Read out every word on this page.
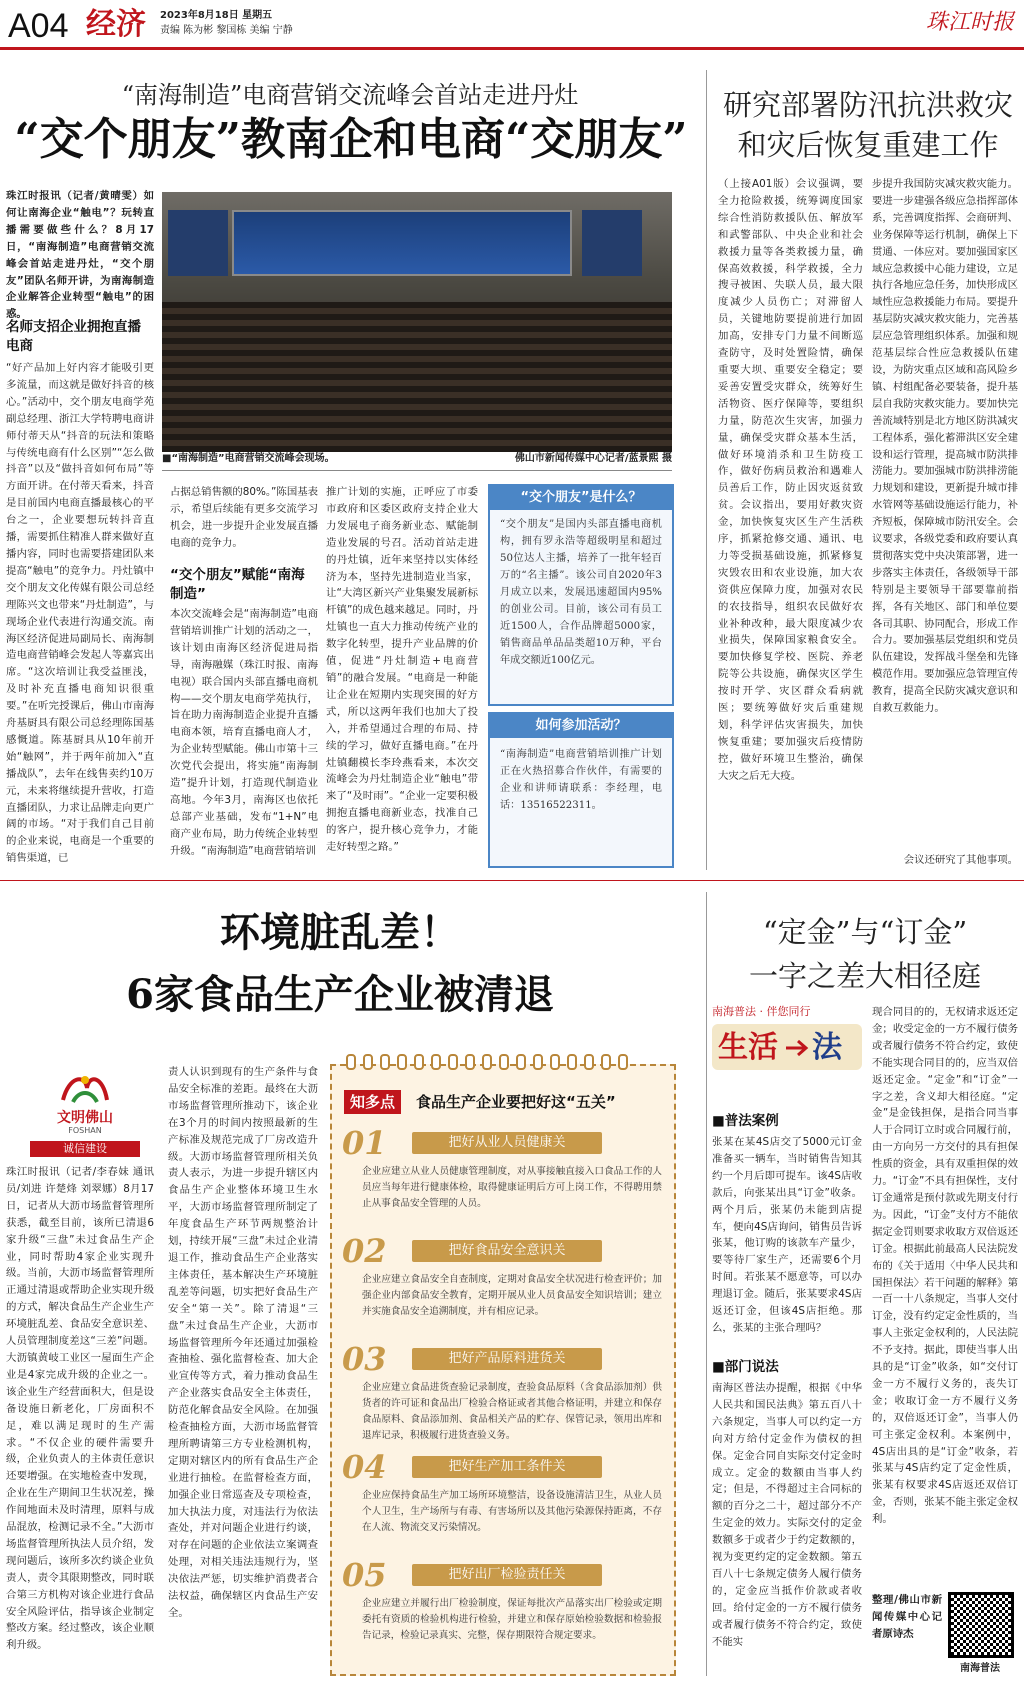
A04 经济 2023年8月18日 星期五
责编 陈为彬 黎国栋 美编 宁静	珠江时报
“南海制造”电商营销交流峰会首站走进丹灶
“交个朋友”教南企和电商“交朋友”
珠江时报讯（记者/黄晴雯）如何让南海企业“触电”？玩转直播需要做些什么？8月17日，“南海制造”电商营销交流峰会首站走进丹灶，“交个朋友”团队名师开讲，为南海制造企业解答企业转型“触电”的困惑。
名师支招企业拥抱直播电商
“好产品加上好内容才能吸引更多流量，而这就是做好抖音的核心。”活动中，交个朋友电商学苑副总经理、浙江大学特聘电商讲师付蒂天从“抖音的玩法和策略与传统电商有什么区别”“怎么做抖音”以及“做抖音如何布局”等方面开讲。在付蒂天看来，抖音是目前国内电商直播最核心的平台之一，企业要想玩转抖音直播，需要抓住精准人群来做好直播内容，同时也需要搭建团队来提高“触电”的竞争力。丹灶镇中交个朋友文化传媒有限公司总经理陈兴文也带来“丹灶制造”，与现场企业代表进行沟通交流。南海区经济促进局副局长、南海制造电商营销峰会发起人等嘉宾出席。“这次培训让我受益匪浅，及时补充直播电商知识很重要。”在听完授课后，佛山市南海舟基厨具有限公司总经理陈国基感慨道。陈基厨具从10年前开始“触网”，并于两年前加入“直播战队”，去年在线售卖约10万元，未来将继续提升营收，打造直播团队，力求让品牌走向更广阔的市场。“对于我们自己目前的企业来说，电商是一个重要的销售渠道，已
■“南海制造”电商营销交流峰会现场。	佛山市新闻传媒中心记者/蓝景熙 摄
占据总销售额的80%。”陈国基表示，希望后续能有更多交流学习机会，进一步提升企业发展直播电商的竞争力。
“交个朋友”赋能“南海制造”
本次交流峰会是“南海制造”电商营销培训推广计划的活动之一，该计划由南海区经济促进局指导，南海融媒（珠江时报、南海电视）联合国内头部直播电商机构——交个朋友电商学苑执行，旨在助力南海制造企业提升直播电商本领，培育直播电商人才，为企业转型赋能。佛山市第十三次党代会提出，将实施“南海制造”提升计划，打造现代制造业高地。今年3月，南海区也依托总部产业基础，发布“1+N”电商产业布局，助力传统企业转型升级。“南海制造”电商营销培训
推广计划的实施，正呼应了市委市政府和区委区政府支持企业大力发展电子商务新业态、赋能制造业发展的号召。活动首站走进的丹灶镇，近年来坚持以实体经济为本，坚持先进制造业当家，让“大湾区新兴产业集聚发展新标杆镇”的成色越来越足。同时，丹灶镇也一直大力推动传统产业的数字化转型，提升产业品牌的价值，促进“丹灶制造+电商营销”的融合发展。“电商是一种能让企业在短期内实现突围的好方式，所以这两年我们也加大了投入，并希望通过合理的布局、持续的学习，做好直播电商。”在丹灶镇翻模长李玲燕看来，本次交流峰会为丹灶制造企业“触电”带来了“及时雨”。“企业一定要积极拥抱直播电商新业态，找准自己的客户，提升核心竞争力，才能走好转型之路。”
“交个朋友”是什么？
“交个朋友”是国内头部直播电商机构，拥有罗永浩等超级明星和超过50位达人主播，培养了一批年轻百万的“名主播”。该公司自2020年3月成立以来，发展迅速超国内95%的创业公司。目前，该公司有员工近1500人，合作品牌超5000家，销售商品单品品类超10万种，平台年成交额近100亿元。
如何参加活动？
“南海制造”电商营销培训推广计划正在火热招募合作伙伴，有需要的企业和讲师请联系：李经理，电话：13516522311。
研究部署防汛抗洪救灾和灾后恢复重建工作
（上接A01版）会议强调，要全力抢险救援，统筹调度国家综合性消防救援队伍、解放军和武警部队、中央企业和社会救援力量等各类救援力量，确保高效救援，科学救援，全力搜寻被困、失联人员，最大限度减少人员伤亡；对滞留人员，关键地防要提前进行加固加高，安排专门力量不间断巡查防守，及时处置险情，确保重要大坝、重要安全稳定；要妥善安置受灾群众，统筹好生活物资、医疗保障等，要组织力量，防范次生灾害，加强力量，确保受灾群众基本生活，做好环境消杀和卫生防疫工作，做好伤病员救治和遇难人员善后工作，防止因灾返贫致贫。会议指出，要用好救灾资金，加快恢复灾区生产生活秩序，抓紧抢修交通、通讯、电力等受损基础设施，抓紧修复灾毁农田和农业设施，加大农资供应保障力度，加强对农民的农技指导，组织农民做好农业补种改种，最大限度减少农业损失，保障国家粮食安全。要加快修复学校、医院、养老院等公共设施，确保灾区学生按时开学、灾区群众看病就医；要统筹做好灾后重建规划，科学评估灾害损失，加快恢复重建；要加强灾后疫情防控，做好环境卫生整治，确保大灾之后无大疫。
步提升我国防灾减灾救灾能力。要进一步建强各级应急指挥部体系，完善调度指挥、会商研判、业务保障等运行机制，确保上下贯通、一体应对。要加强国家区域应急救援中心能力建设，立足执行各地应急任务，加快形成区域性应急救援能力布局。要提升基层防灾减灾救灾能力，完善基层应急管理组织体系。加强和规范基层综合性应急救援队伍建设，为防灾重点区域和高风险乡镇、村组配备必要装备，提升基层自我防灾救灾能力。要加快完善流域特别是北方地区防洪减灾工程体系，强化蓄滞洪区安全建设和运行管理，提高城市防洪排涝能力。要加强城市防洪排涝能力规划和建设，更新提升城市排水管网等基础设施运行能力，补齐短板，保障城市防汛安全。会议要求，各级党委和政府要认真贯彻落实党中央决策部署，进一步落实主体责任，各级领导干部特别是主要领导干部要靠前指挥，各有关地区、部门和单位要各司其职、协同配合，形成工作合力。要加强基层党组织和党员队伍建设，发挥战斗堡垒和先锋模范作用。要加强应急管理宣传教育，提高全民防灾减灾意识和自救互救能力。
会议还研究了其他事项。
环境脏乱差！
6家食品生产企业被清退
文明佛山
FOSHAN
诚信建设
珠江时报讯（记者/李春妹 通讯员/刘进 许楚烽 刘翠娜）8月17日，记者从大沥市场监督管理所获悉，截至目前，该所已清退6家升级“三盘”未过食品生产企业，同时帮助4家企业实现升级。当前，大沥市场监督管理所正通过清退或帮助企业实现升级的方式，解决食品生产企业生产环境脏乱差、食品安全意识差、人员管理制度差这“三差”问题。大沥镇黄岐工业区一屋面生产企业是4家完成升级的企业之一。该企业生产经营面积大，但是设备设施日新老化，厂房面积不足，难以满足现时的生产需求。“不仅企业的硬件需要升级，企业负责人的主体责任意识还要增强。在实地检查中发现，企业在生产期间卫生状况差，操作间地面未及时清理，原料与成品混放，检测记录不全。”大沥市场监督管理所执法人员介绍，发现问题后，该所多次约谈企业负责人，责令其限期整改，同时联合第三方机构对该企业进行食品安全风险评估，指导该企业制定整改方案。经过整改，该企业顺利升级。
责人认识到现有的生产条件与食品安全标准的差距。最终在大沥市场监督管理所推动下，该企业在3个月的时间内按照最新的生产标准及规范完成了厂房改造升级。大沥市场监督管理所相关负责人表示，为进一步提升辖区内食品生产企业整体环境卫生水平，大沥市场监督管理所制定了年度食品生产环节两规整治计划，持续开展“三盘”未过企业清退工作，推动食品生产企业落实主体责任，基本解决生产环境脏乱差等问题，切实把好食品生产安全“第一关”。除了清退“三盘”未过食品生产企业，大沥市场监督管理所今年还通过加强检查抽检、强化监督检查、加大企业宣传等方式，着力推动食品生产企业落实食品安全主体责任，防范化解食品安全风险。在加强检查抽检方面，大沥市场监督管理所聘请第三方专业检测机构，定期对辖区内的所有食品生产企业进行抽检。在监督检查方面，加强企业日常巡查及专项检查，加大执法力度，对违法行为依法查处，并对问题企业进行约谈，对存在问题的企业依法立案调查处理，对相关违法违规行为，坚决依法严惩，切实维护消费者合法权益，确保辖区内食品生产安全。
知多点	食品生产企业要把好这“五关”
01	把好从业人员健康关
企业应建立从业人员健康管理制度，对从事接触直接入口食品工作的人员应当每年进行健康体检，取得健康证明后方可上岗工作，不得聘用禁止从事食品安全管理的人员。
02	把好食品安全意识关
企业应建立食品安全自查制度，定期对食品安全状况进行检查评价；加强企业内部食品安全教育，定期开展从业人员食品安全知识培训；建立并实施食品安全追溯制度，并有相应记录。
03	把好产品原料进货关
企业应建立食品进货查验记录制度，查验食品原料（含食品添加剂）供货者的许可证和食品出厂检验合格证或者其他合格证明，并建立和保存食品原料、食品添加剂、食品相关产品的贮存、保管记录，领用出库和退库记录，积极履行进货查验义务。
04	把好生产加工条件关
企业应保持食品生产加工场所环境整洁，设备设施清洁卫生，从业人员个人卫生，生产场所与有毒、有害场所以及其他污染源保持距离，不存在人流、物流交叉污染情况。
05	把好出厂检验责任关
企业应建立并履行出厂检验制度，保证每批次产品落实出厂检验或定期委托有资质的检验机构进行检验，并建立和保存原始检验数据和检验报告记录，检验记录真实、完整，保存期限符合规定要求。
“定金”与“订金”
一字之差大相径庭
南海普法 · 伴您同行
生活 法
■普法案例
张某在某4S店交了5000元订金准备买一辆车，当时销售告知其约一个月后即可提车。该4S店收款后，向张某出具“订金”收条。两个月后，张某仍未能到店提车，便向4S店询问，销售员告诉张某，他订购的该款车产量少，要等待厂家生产，还需要6个月时间。若张某不愿意等，可以办理退订金。随后，张某要求4S店返还订金，但该4S店拒绝。那么，张某的主张合理吗？
■部门说法
南海区普法办提醒，根据《中华人民共和国民法典》第五百八十六条规定，当事人可以约定一方向对方给付定金作为债权的担保。定金合同自实际交付定金时成立。定金的数额由当事人约定；但是，不得超过主合同标的额的百分之二十，超过部分不产生定金的效力。实际交付的定金数额多于或者少于约定数额的，视为变更约定的定金数额。第五百八十七条规定债务人履行债务的，定金应当抵作价款或者收回。给付定金的一方不履行债务或者履行债务不符合约定，致使不能实
现合同目的的，无权请求返还定金；收受定金的一方不履行债务或者履行债务不符合约定，致使不能实现合同目的的，应当双倍返还定金。“定金”和“订金”一字之差，含义却大相径庭。“定金”是金钱担保，是指合同当事人于合同订立时或合同履行前，由一方向另一方交付的具有担保性质的资金，具有双重担保的效力。“订金”不具有担保性，支付订金通常是预付款或先期支付行为。因此，“订金”支付方不能依据定金罚则要求收取方双倍返还订金。根据此前最高人民法院发布的《关于适用〈中华人民共和国担保法〉若干问题的解释》第一百一十八条规定，当事人交付订金，没有约定定金性质的，当事人主张定金权利的，人民法院不予支持。据此，即使当事人出具的是“订金”收条，如“交付订金一方不履行义务的，丧失订金；收取订金一方不履行义务的，双倍返还订金”，当事人仍可主张定金权利。本案例中，4S店出具的是“订金”收条，若张某与4S店约定了定金性质，张某有权要求4S店返还双倍订金，否则，张某不能主张定金权利。
整理/佛山市新闻传媒中心记者原诗杰
南海普法
